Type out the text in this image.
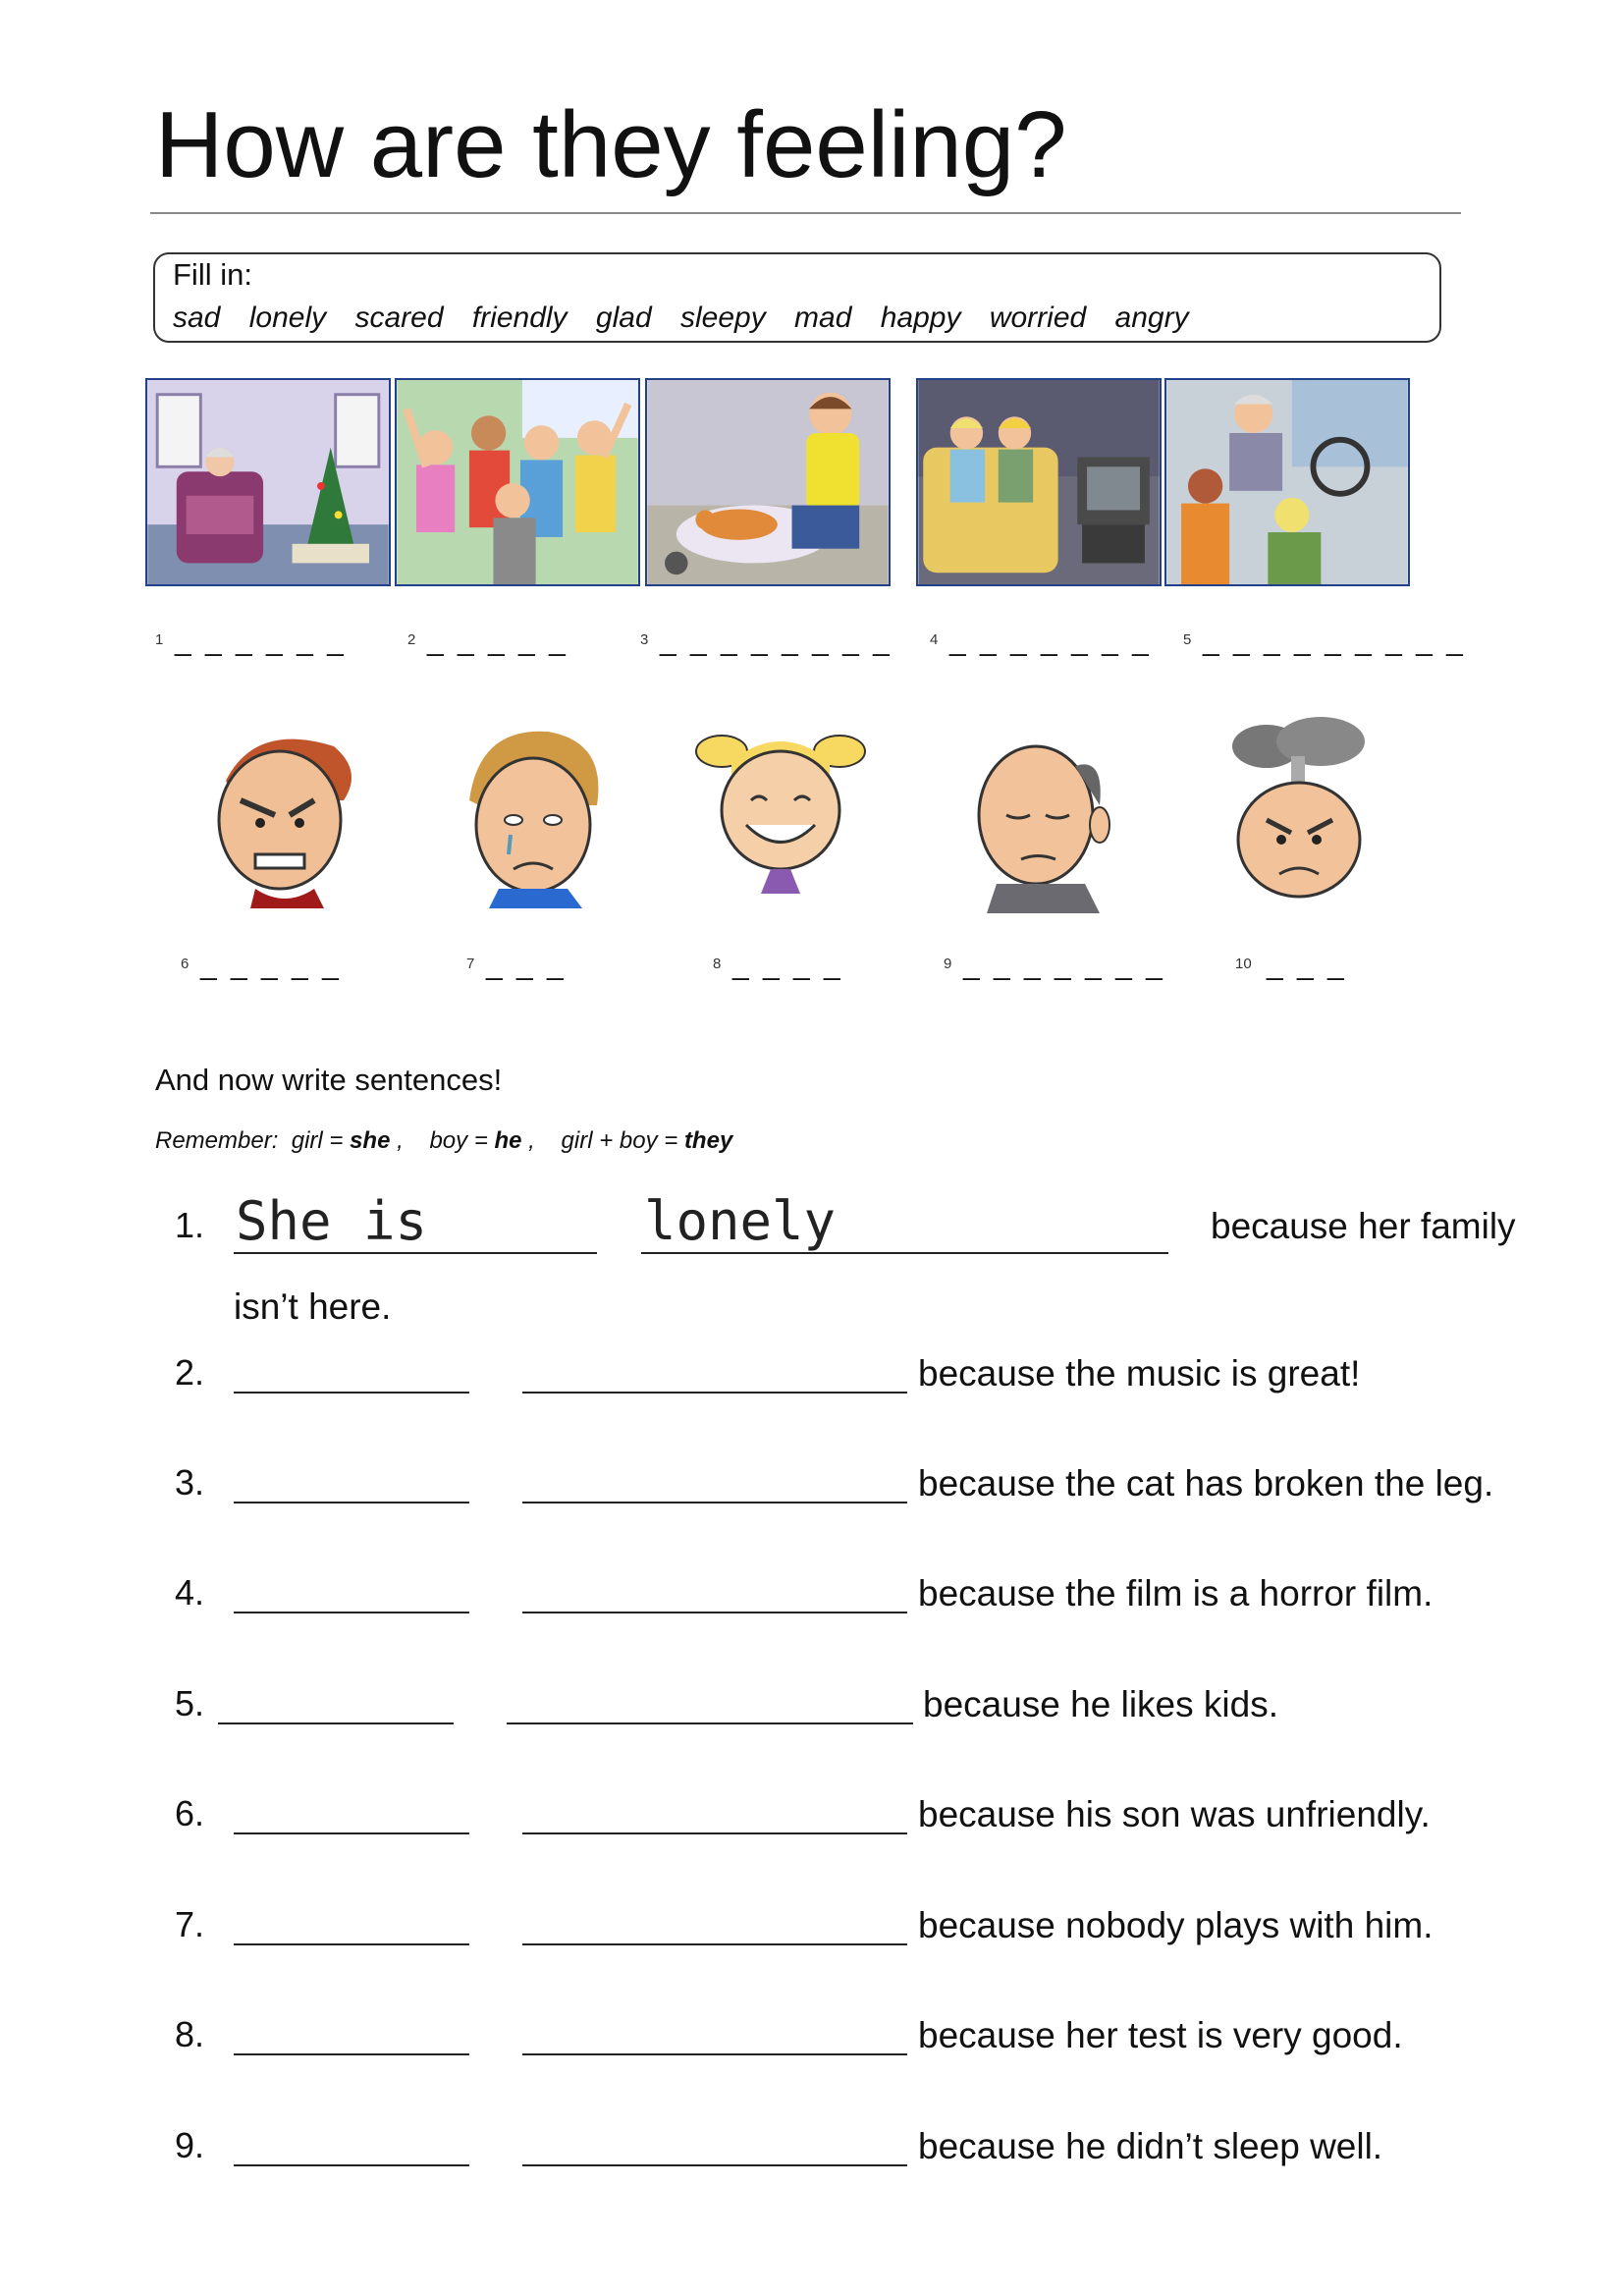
How are they feeling?
Fill in:
sad lonely scared friendly glad sleepy mad happy worried angry
1 _ _ _ _ _ _	2 _ _ _ _ _	3 _ _ _ _ _ _ _ _	4 _ _ _ _ _ _ _ 5 _ _ _ _ _ _ _ _ _
6 _ _ _ _ _	7 _ _ _	8 _ _ _ _	9 _ _ _ _ _ _ _	10 _ _ _
And now write sentences!
Remember: girl = she ,    boy = he ,    girl + boy = they
1. She is	lonely	because her family
isn’t here.
2.	because the music is great!
3.	because the cat has broken the leg.
4.	because the film is a horror film.
5.	because he likes kids.
6.	because his son was unfriendly.
7.	because nobody plays with him.
8.	because her test is very good.
9.	because he didn’t sleep well.
